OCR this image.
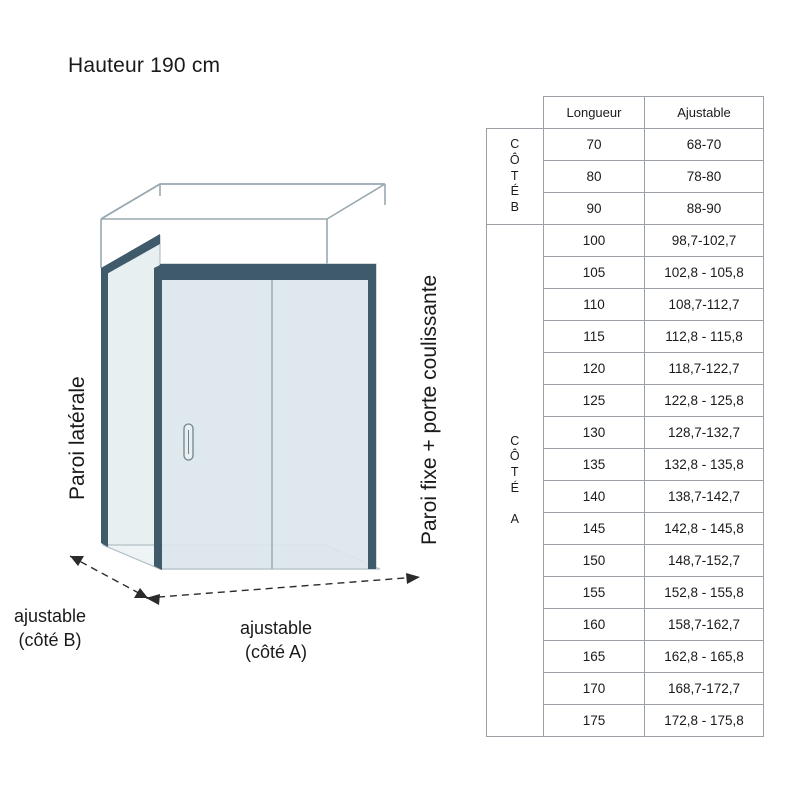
Hauteur 190 cm
Paroi latérale	Paroi fixe + porte coulissante
ajustable
(côté B)
ajustable
(côté A)
	Longueur	Ajustable

C
Ô
T
É
B	70	68-70
	80	78-80
	90	88-90

C
Ô
T
É

A	100	98,7-102,7
	105	102,8 - 105,8
	110	108,7-112,7
	115	112,8 - 115,8
	120	118,7-122,7
	125	122,8 - 125,8
	130	128,7-132,7
	135	132,8 - 135,8
	140	138,7-142,7
	145	142,8 - 145,8
	150	148,7-152,7
	155	152,8 - 155,8
	160	158,7-162,7
	165	162,8 - 165,8
	170	168,7-172,7
	175	172,8 - 175,8
